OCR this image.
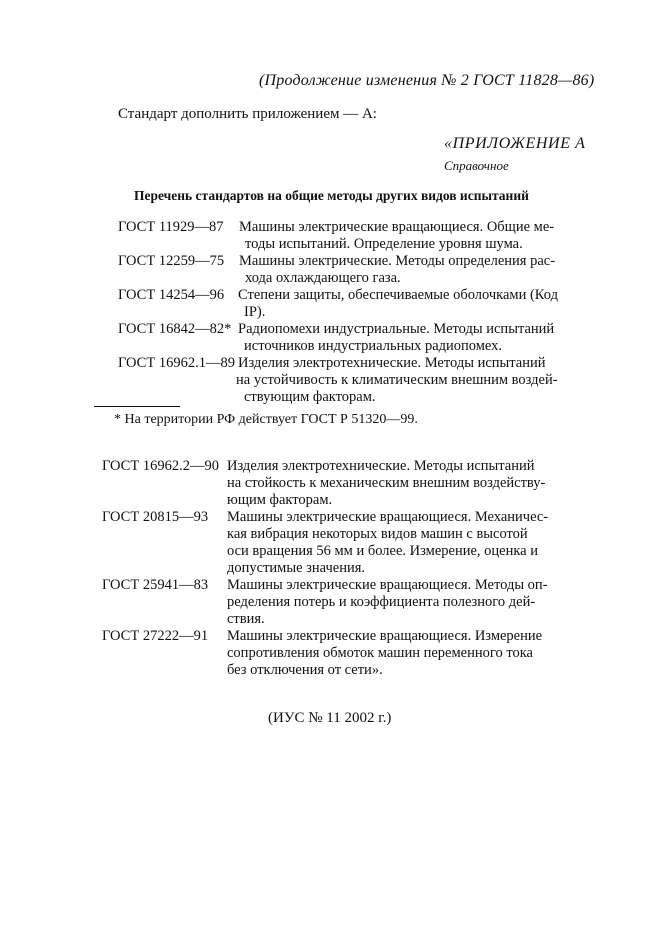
(Продолжение изменения № 2 ГОСТ 11828—86)
Стандарт дополнить приложением — А:
«ПРИЛОЖЕНИЕ А
Справочное
Перечень стандартов на общие методы других видов испытаний
ГОСТ 11929—87 Машины электрические вращающиеся. Общие ме-
тоды испытаний. Определение уровня шума.
ГОСТ 12259—75 Машины электрические. Методы определения рас-
хода охлаждающего газа.
ГОСТ 14254—96 Степени защиты, обеспечиваемые оболочками (Код
IP).
ГОСТ 16842—82* Радиопомехи индустриальные. Методы испытаний
источников индустриальных радиопомех.
ГОСТ 16962.1—89 Изделия электротехнические. Методы испытаний
на устойчивость к климатическим внешним воздей-
ствующим факторам.
* На территории РФ действует ГОСТ Р 51320—99.
ГОСТ 16962.2—90 Изделия электротехнические. Методы испытаний
на стойкость к механическим внешним воздейству-
ющим факторам.
ГОСТ 20815—93 Машины электрические вращающиеся. Механичес-
кая вибрация некоторых видов машин с высотой
оси вращения 56 мм и более. Измерение, оценка и
допустимые значения.
ГОСТ 25941—83 Машины электрические вращающиеся. Методы оп-
ределения потерь и коэффициента полезного дей-
ствия.
ГОСТ 27222—91 Машины электрические вращающиеся. Измерение
сопротивления обмоток машин переменного тока
без отключения от сети».
(ИУС № 11 2002 г.)
